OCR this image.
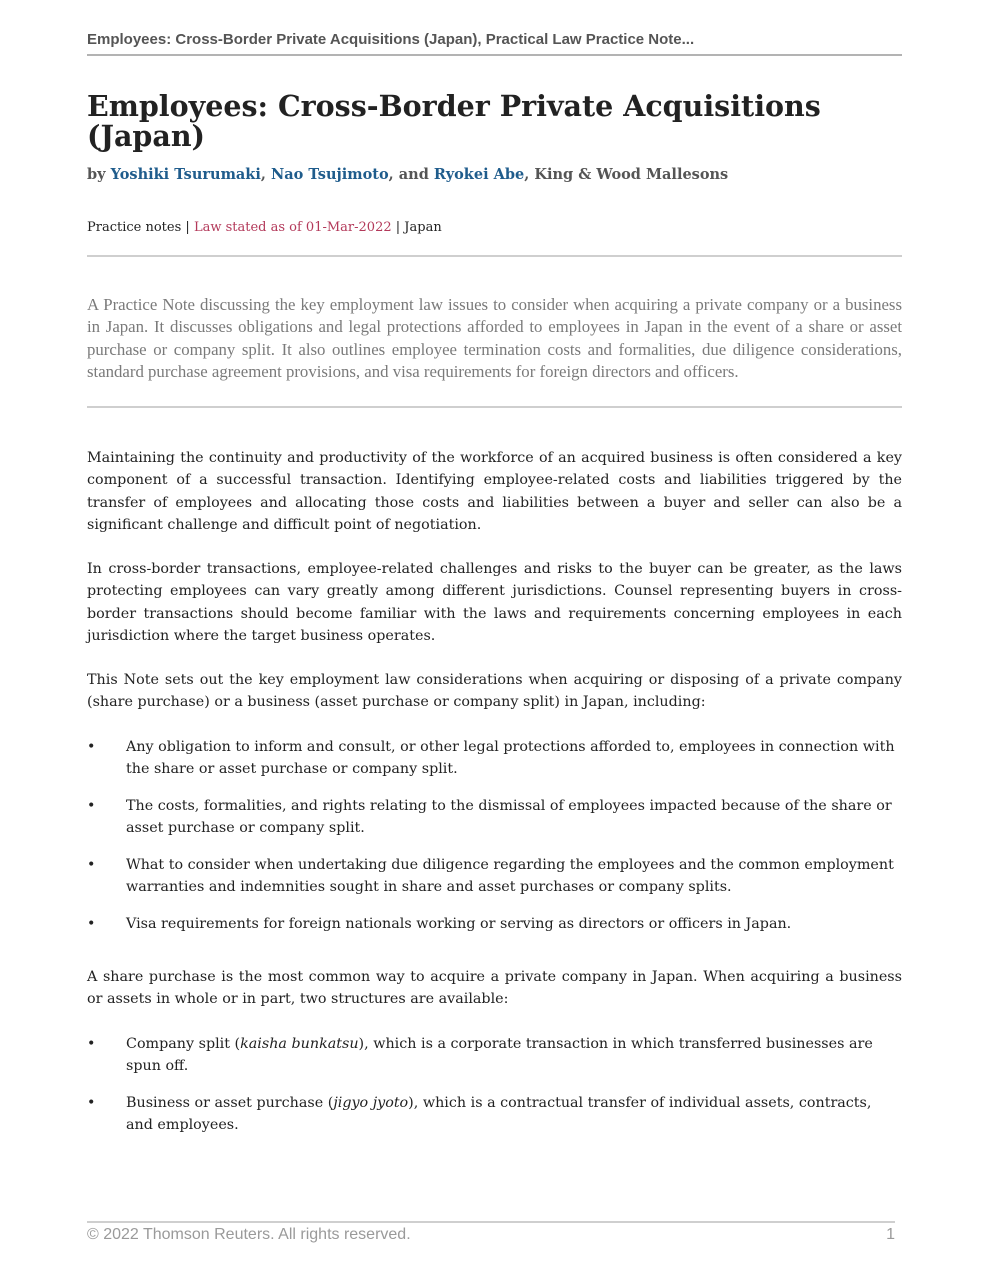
Employees: Cross-Border Private Acquisitions (Japan), Practical Law Practice Note...
Employees: Cross-Border Private Acquisitions (Japan)
by Yoshiki Tsurumaki, Nao Tsujimoto, and Ryokei Abe, King & Wood Mallesons
Practice notes | Law stated as of 01-Mar-2022 | Japan
A Practice Note discussing the key employment law issues to consider when acquiring a private company or a business in Japan. It discusses obligations and legal protections afforded to employees in Japan in the event of a share or asset purchase or company split. It also outlines employee termination costs and formalities, due diligence considerations, standard purchase agreement provisions, and visa requirements for foreign directors and officers.

Maintaining the continuity and productivity of the workforce of an acquired business is often considered a key component of a successful transaction. Identifying employee-related costs and liabilities triggered by the transfer of employees and allocating those costs and liabilities between a buyer and seller can also be a significant challenge and difficult point of negotiation.

In cross-border transactions, employee-related challenges and risks to the buyer can be greater, as the laws protecting employees can vary greatly among different jurisdictions. Counsel representing buyers in cross-border transactions should become familiar with the laws and requirements concerning employees in each jurisdiction where the target business operates.

This Note sets out the key employment law considerations when acquiring or disposing of a private company (share purchase) or a business (asset purchase or company split) in Japan, including:

• Any obligation to inform and consult, or other legal protections afforded to, employees in connection with the share or asset purchase or company split.
• The costs, formalities, and rights relating to the dismissal of employees impacted because of the share or asset purchase or company split.
• What to consider when undertaking due diligence regarding the employees and the common employment warranties and indemnities sought in share and asset purchases or company splits.
• Visa requirements for foreign nationals working or serving as directors or officers in Japan.

A share purchase is the most common way to acquire a private company in Japan. When acquiring a business or assets in whole or in part, two structures are available:

• Company split (kaisha bunkatsu), which is a corporate transaction in which transferred businesses are spun off.
• Business or asset purchase (jigyo jyoto), which is a contractual transfer of individual assets, contracts, and employees.
© 2022 Thomson Reuters. All rights reserved.	1
